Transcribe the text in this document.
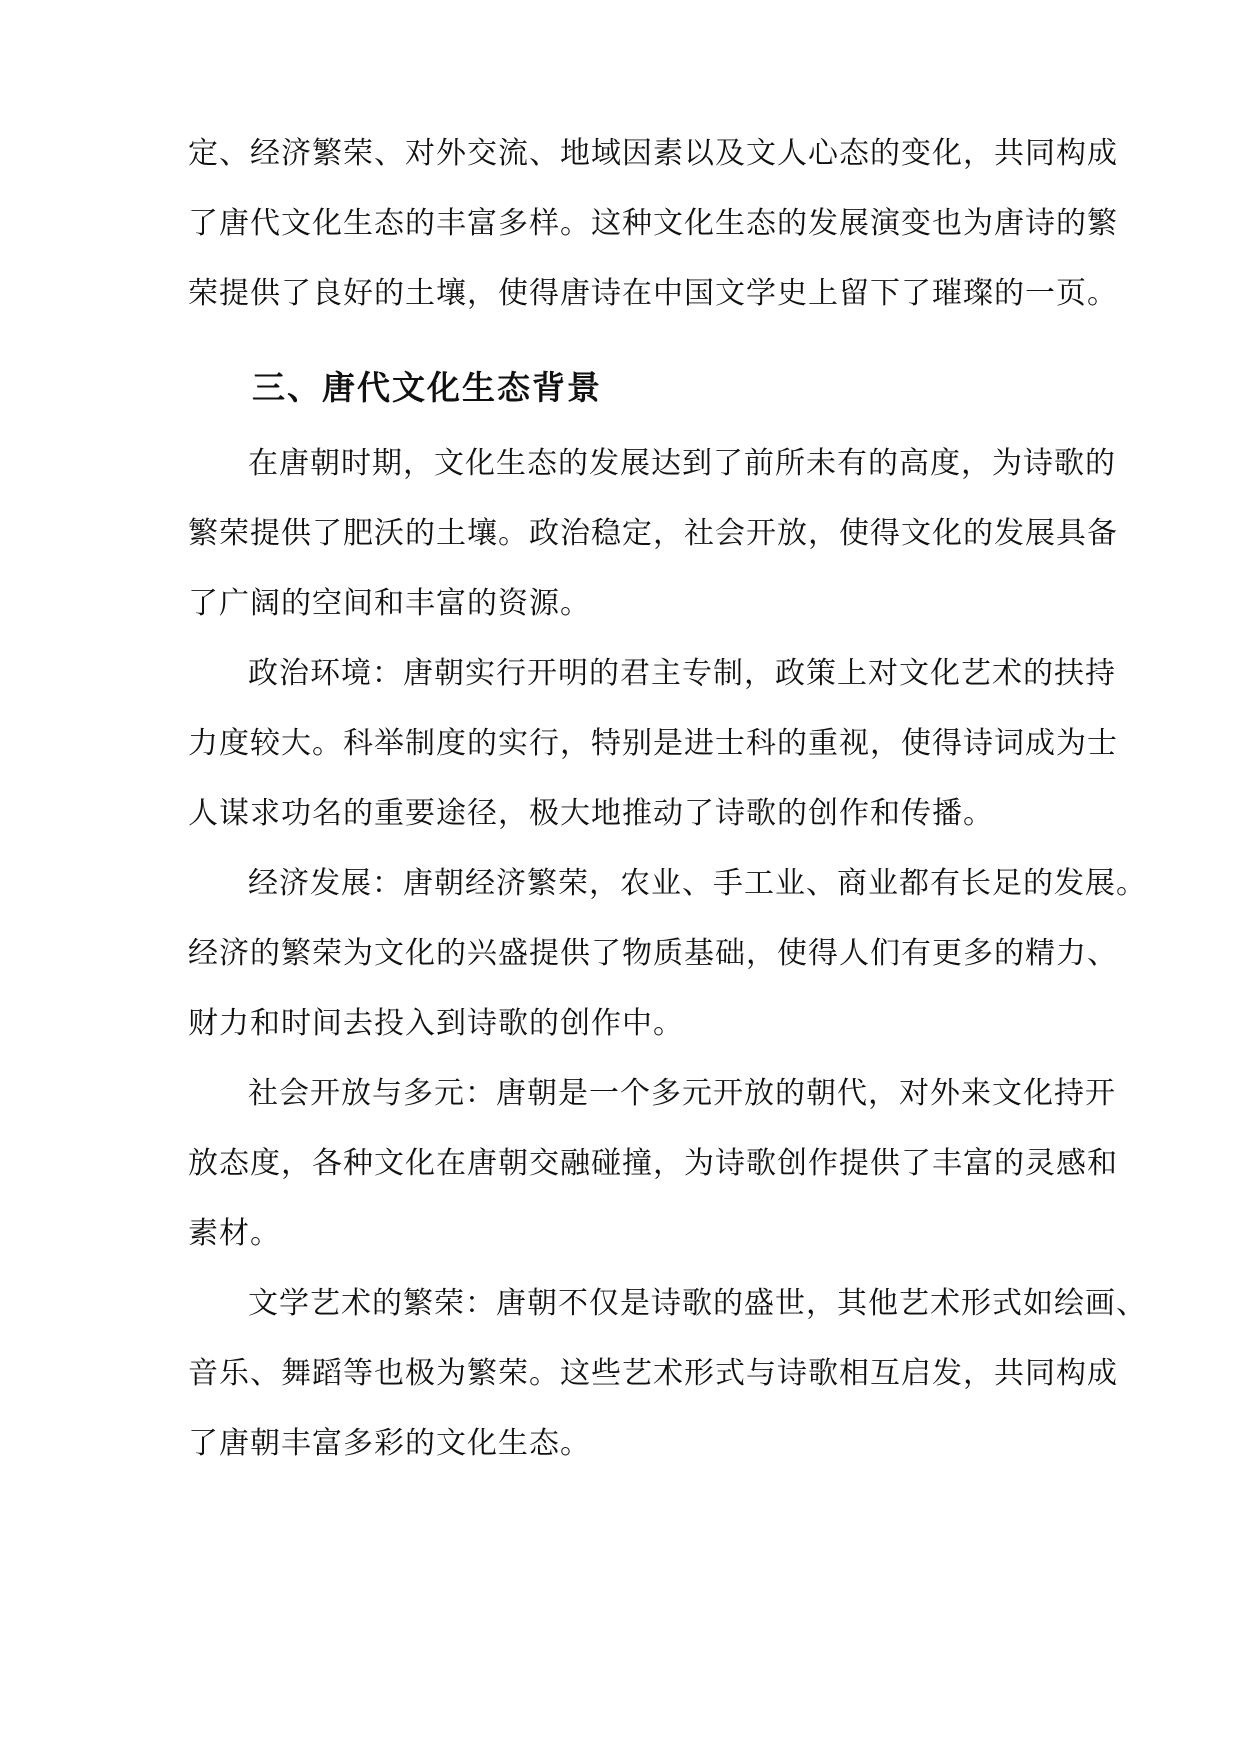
定、经济繁荣、对外交流、地域因素以及文人心态的变化，共同构成
了唐代文化生态的丰富多样。这种文化生态的发展演变也为唐诗的繁
荣提供了良好的土壤，使得唐诗在中国文学史上留下了璀璨的一页。
三、唐代文化生态背景
在唐朝时期，文化生态的发展达到了前所未有的高度，为诗歌的
繁荣提供了肥沃的土壤。政治稳定，社会开放，使得文化的发展具备
了广阔的空间和丰富的资源。
政治环境：唐朝实行开明的君主专制，政策上对文化艺术的扶持
力度较大。科举制度的实行，特别是进士科的重视，使得诗词成为士
人谋求功名的重要途径，极大地推动了诗歌的创作和传播。
经济发展：唐朝经济繁荣，农业、手工业、商业都有长足的发展。
经济的繁荣为文化的兴盛提供了物质基础，使得人们有更多的精力、
财力和时间去投入到诗歌的创作中。
社会开放与多元：唐朝是一个多元开放的朝代，对外来文化持开
放态度，各种文化在唐朝交融碰撞，为诗歌创作提供了丰富的灵感和
素材。
文学艺术的繁荣：唐朝不仅是诗歌的盛世，其他艺术形式如绘画、
音乐、舞蹈等也极为繁荣。这些艺术形式与诗歌相互启发，共同构成
了唐朝丰富多彩的文化生态。
